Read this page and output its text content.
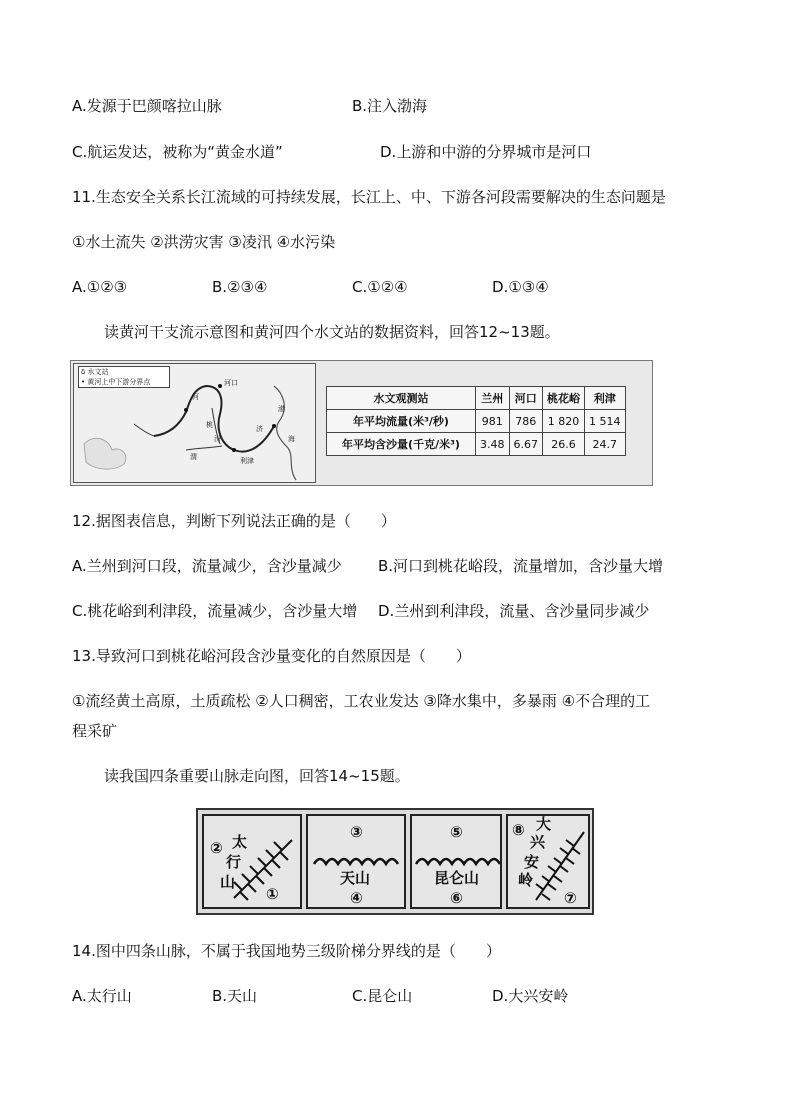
A.发源于巴颜喀拉山脉	B.注入渤海
C.航运发达，被称为“黄金水道”	D.上游和中游的分界城市是河口
11.生态安全关系长江流域的可持续发展，长江上、中、下游各河段需要解决的生态问题是
①水土流失 ②洪涝灾害 ③凌汛 ④水污染
A.①②③	B.②③④	C.①②④	D.①③④
读黄河干支流示意图和黄河四个水文站的数据资料，回答12~13题。
δ 水文站
• 黄河上中下游分界点	河口
河
桃	济
利津
渤
渭
汾	海
水文观测站	兰州	河口	桃花峪	利津
年平均流量(米³/秒)	981	786	1 820	1 514
年平均含沙量(千克/米³)	3.48	6.67	26.6	24.7
12.据图表信息，判断下列说法正确的是（　　）
A.兰州到河口段，流量减少，含沙量减少 B.河口到桃花峪段，流量增加，含沙量大增
C.桃花峪到利津段，流量减少，含沙量大增 D.兰州到利津段，流量、含沙量同步减少
13.导致河口到桃花峪河段含沙量变化的自然原因是（　　）
①流经黄土高原，土质疏松 ②人口稠密，工农业发达 ③降水集中，多暴雨 ④不合理的工
程采矿
读我国四条重要山脉走向图，回答14~15题。
② 太
行
山
①
③
天山
④
⑤
昆仑山
⑥
⑧ 大
兴
安
岭
⑦
14.图中四条山脉，不属于我国地势三级阶梯分界线的是（　　）
A.太行山	B.天山	C.昆仑山	D.大兴安岭
